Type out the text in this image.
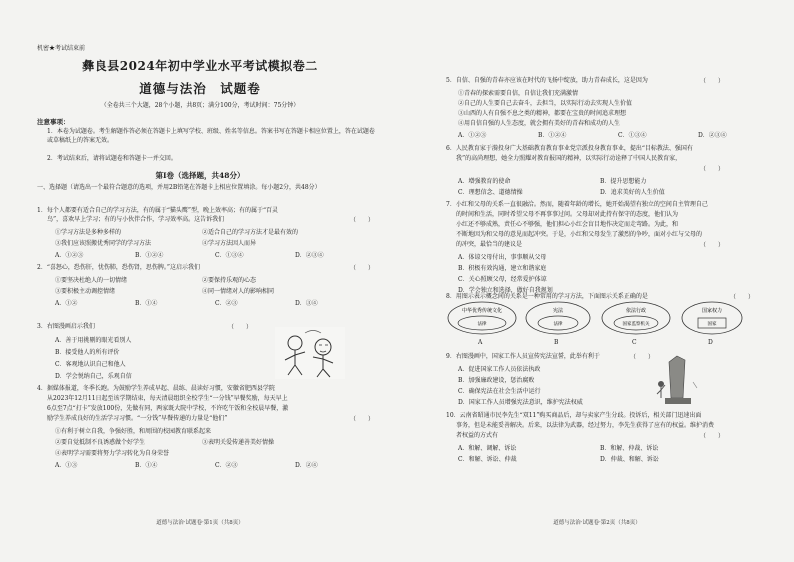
机密★考试结束前
彝良县2024年初中学业水平考试模拟卷二
道德与法治　试题卷
（全卷共三个大题，28个小题，共8页；满分100分，考试时间：75分钟）
注意事项：
1．本卷为试题卷。考生解题作答必须在答题卡上填写学校、班级、姓名等信息。答案书写在答题卡相应位置上，答在试题卷或草稿纸上的答案无效。
2．考试结束后，请将试题卷和答题卡一并交回。
第Ⅰ卷（选择题，共48分）
一、选择题（请选出一个最符合题意的选项，并用2B铅笔在答题卡上相应位置填涂。每小题2分，共48分）
1．每个人都要有适合自己的学习方法，有的属于“猫头鹰”型，晚上效率高；有的属于“百灵
鸟”，喜欢早上学习；有的与小伙伴合作，学习效率高。这告诉我们	（　　）
①学习方法是多种多样的	②适合自己的学习方法才是最有效的
③我们应该照搬优秀同学的学习方法	④学习方法因人而异
A．①②③	B．①②④	C．①③④	D．②③④
2．“喜怒心，恐伤肝，忧伤肺，恐伤肾，思伤脾。”这启示我们	（　　）
①要坚决杜绝人的一切情绪	②要保持乐观的心态
③要积极主动调控情绪	④同一情绪对人的影响相同
A．①②	B．①④	C．②③	D．③④
3．右图漫画启示我们	（　　）
A．善于用挑剔的眼光看别人
B．接受他人的所有评价
C．客观地认识自己和他人
D．学会悦纳自己，乐观自信
4．据媒体报道，冬季长跑。为鼓励学生养成早起、晨练、晨读好习惯，安徽省肥西县学院
从2023年12月11日起至该学期结束，每天清晨组织全校学生“一分钱”早餐奖励，每天早上
6点至7点“打卡”发放100份，先做有同，两家既大院中学校，不许吃午饭和全校晨早餐，激
励学生养成良好的生活学习习惯。“一分钱”早餐传递的力量是“他们”	（　　）
①有利于树立自我，争强好胜，和周围的校园教育联系起来
②要自觉抵制不良诱惑做个好学生	③表明关爱传递善美好情操
④表明学习需要将努力学习转化为自身荣誉
A．①③	B．①④	C．②③	D．②④
道德与法治·试题卷·第1页（共8页）
5．自信、自强的青春亦应该在时代的飞扬中绽放，助力青春成长，这是因为	（　　）
①青春的探索需要自信，自信让我们充满激情
②自己的人生要自己去奋斗，去担当，以实际行动去实现人生价值
③山西的人有自强不息之类的精神，都要在宝贵的时间追求理想
④用自信自强的人生态度，就会拥有美好的青春和成功的人生
A．①②③	B．①②④	C．①③④	D．②③④
6．人民教育家于漪投身广大基础教育教育事业党宗派投身教育事业，提出“目标教法、强国有
我”的高尚理想，她全力照耀对教育报国的精神，以实际行动诠释了中国人民教育家，
（　　）
A．增强教育的使命	B．提升思想能力
C．理想信念、道德情操	D．追求美好的人生价值
7．小红和父母的关系一直很融洽。然而，随着年龄的增长，她开始渴望有独立的空间自主管理自己
的时间和生活，同时希望父母不再事事过问。父母却对此持有保守的态度，他们认为
小红还不够成熟，责任心不够强，他们担心小红会盲目地作决定而走弯路。为此，和
不断地因为和父母的意见而起冲突。于是，小红和父母发生了激烈的争吵，面对小红与父母的
的冲突，最恰当的建议是	（　　）
A．体谅父母付出，事事顺从父母
B．积极有效沟通，建立和谐家庭
C．关心照顾父母，经常爱护体谅
D．学会独立和选择，做好自我规划
8．用图示表示概念间的关系是一种常用的学习方法，下面图示关系正确的是	（　　）
中华优秀传统文化
法律
宪法
法律
依法行政
国家监察机关
国家权力
国家
A	B	C	D
9．右图漫画中，国家工作人员宣传宪法宣誓，此举有利于	（　　）
A．促进国家工作人员依法执政
B．加强廉政建设，惩治腐败
C．确保宪法在社会生活中运行
D．国家工作人员增强宪法意识，维护宪法权威
10．云南省昭通市民李先生“双11”购买商品后，却与卖家产生分歧。投诉后，相关部门迅速出面
事务，但是未能妥善解决。后来，以法律为武器，经过努力，李先生获得了应有的权益。维护消费
者权益的方式有	（　　）
A．和解、调解、诉讼	B．和解、仲裁、诉讼
C．和解、诉讼、仲裁	D．仲裁、和解、诉讼
道德与法治·试题卷·第2页（共8页）
